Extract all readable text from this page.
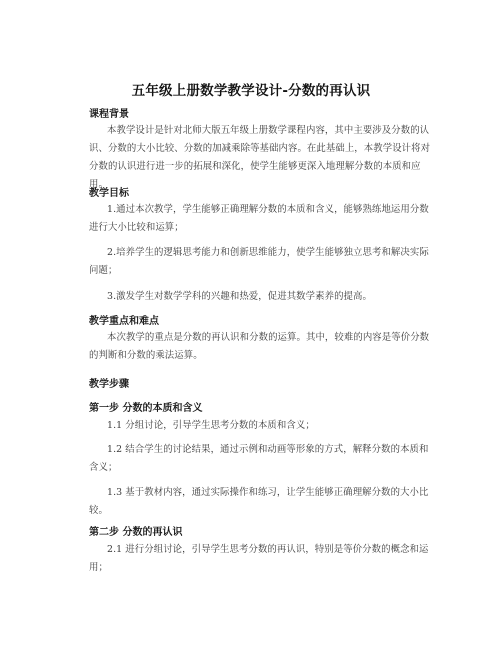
五年级上册数学教学设计-分数的再认识
课程背景
本教学设计是针对北师大版五年级上册数学课程内容，其中主要涉及分数的认识、分数的大小比较、分数的加减乘除等基础内容。在此基础上，本教学设计将对分数的认识进行进一步的拓展和深化，使学生能够更深入地理解分数的本质和应用。
教学目标
1.通过本次教学，学生能够正确理解分数的本质和含义，能够熟练地运用分数进行大小比较和运算；
2.培养学生的逻辑思考能力和创新思维能力，使学生能够独立思考和解决实际问题；
3.激发学生对数学学科的兴趣和热爱，促进其数学素养的提高。
教学重点和难点
本次教学的重点是分数的再认识和分数的运算。其中，较难的内容是等价分数的判断和分数的乘法运算。
教学步骤
第一步 分数的本质和含义
1.1 分组讨论，引导学生思考分数的本质和含义；
1.2 结合学生的讨论结果，通过示例和动画等形象的方式，解释分数的本质和含义；
1.3 基于教材内容，通过实际操作和练习，让学生能够正确理解分数的大小比较。
第二步 分数的再认识
2.1 进行分组讨论，引导学生思考分数的再认识，特别是等价分数的概念和运用；
